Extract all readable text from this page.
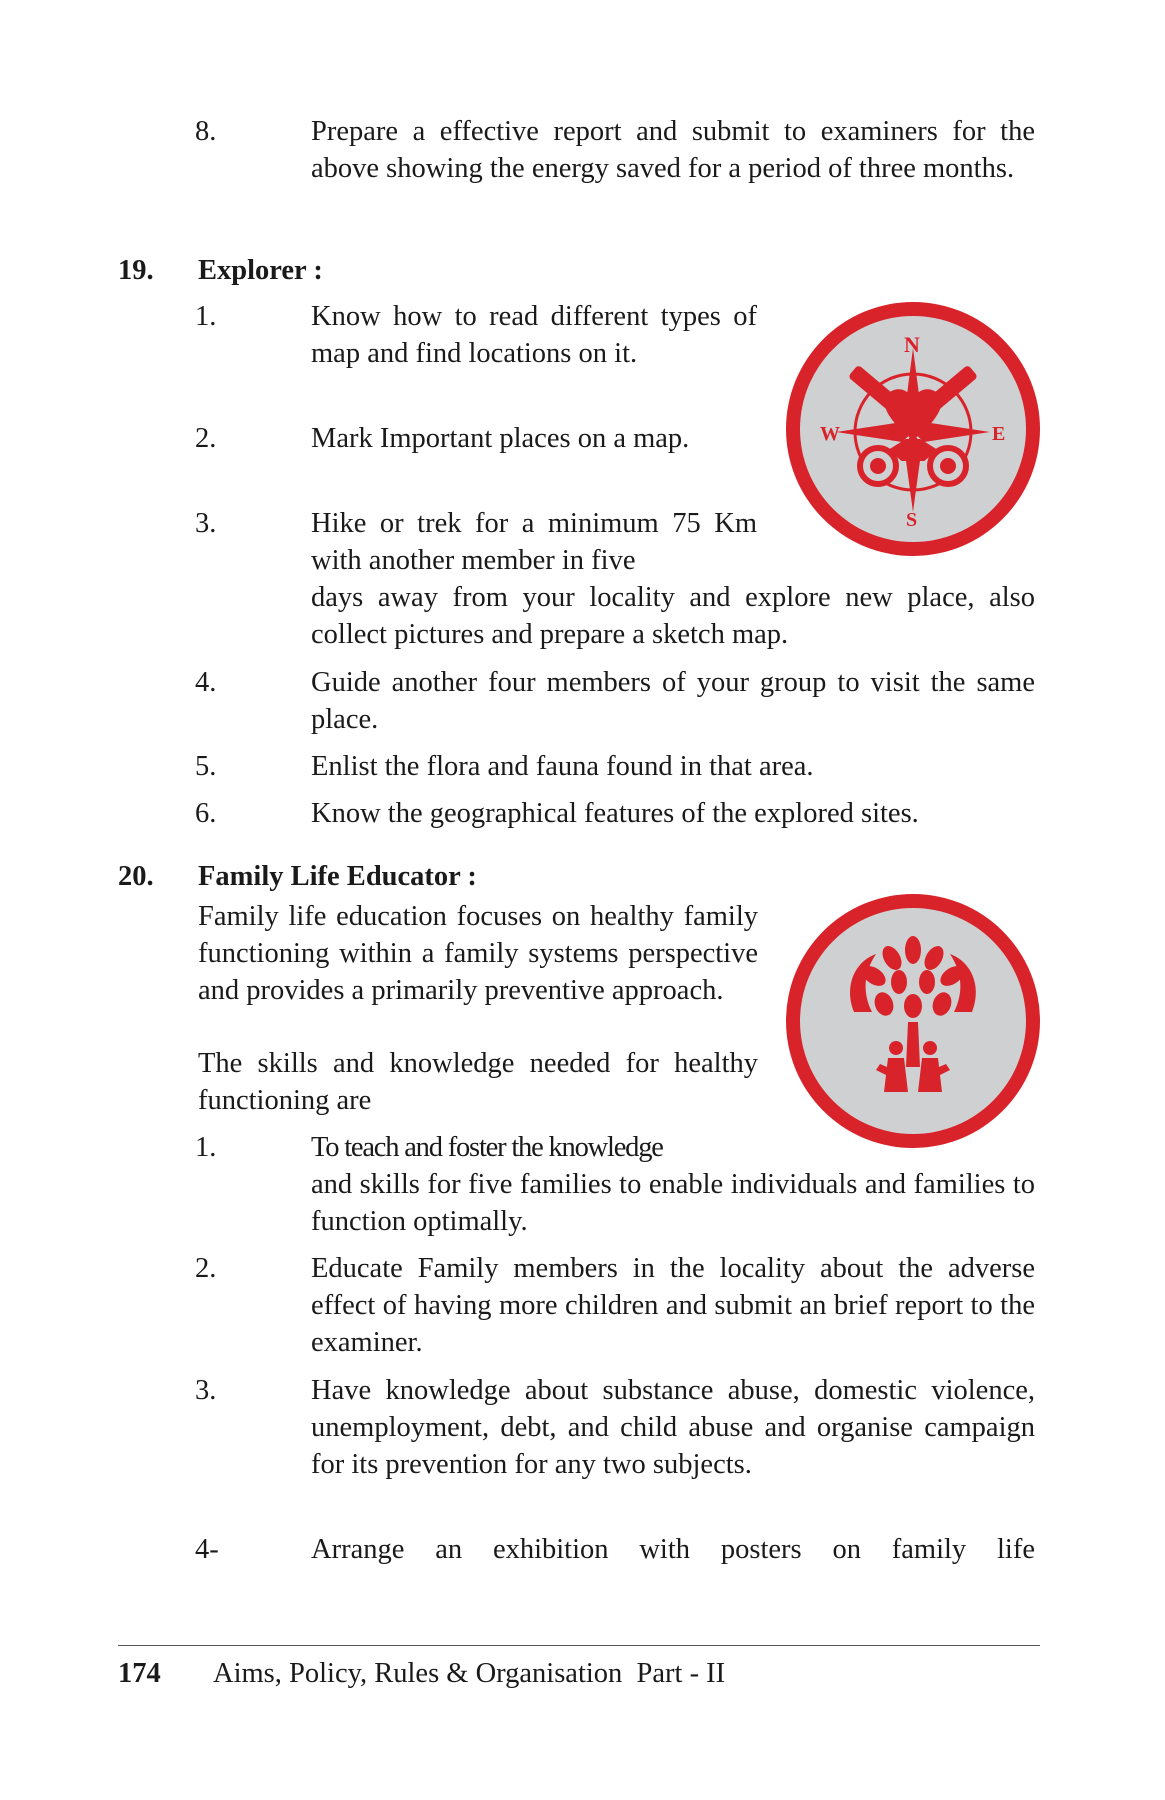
8.	Prepare a effective report and submit to examiners for the above showing the energy saved for a period of three months.
19. Explorer :
N
S
W	E
1.	Know how to read different types of map and find locations on it.
2.	Mark Important places on a map.
3.	Hike or trek for a minimum 75 Km with another member in five
days away from your locality and explore new place, also collect pictures and prepare a sketch map.
4.	Guide another four members of your group to visit the same place.
5.	Enlist the flora and fauna found in that area.
6.	Know the geographical features of the explored sites.
20. Family Life Educator :
Family life education focuses on healthy family functioning within a family systems perspective and provides a primarily preventive approach.
The skills and knowledge needed for healthy functioning are
1.	To teach and foster the knowledge
and skills for five families to enable individuals and families to function optimally.
2.	Educate Family members in the locality about the adverse effect of having more children and submit an brief report to the examiner.
3.	Have knowledge about substance abuse, domestic violence, unemployment, debt, and child abuse and organise campaign for its prevention for any two subjects.
4-	Arrange an exhibition with posters on family life
174 Aims, Policy, Rules & Organisation  Part - II
